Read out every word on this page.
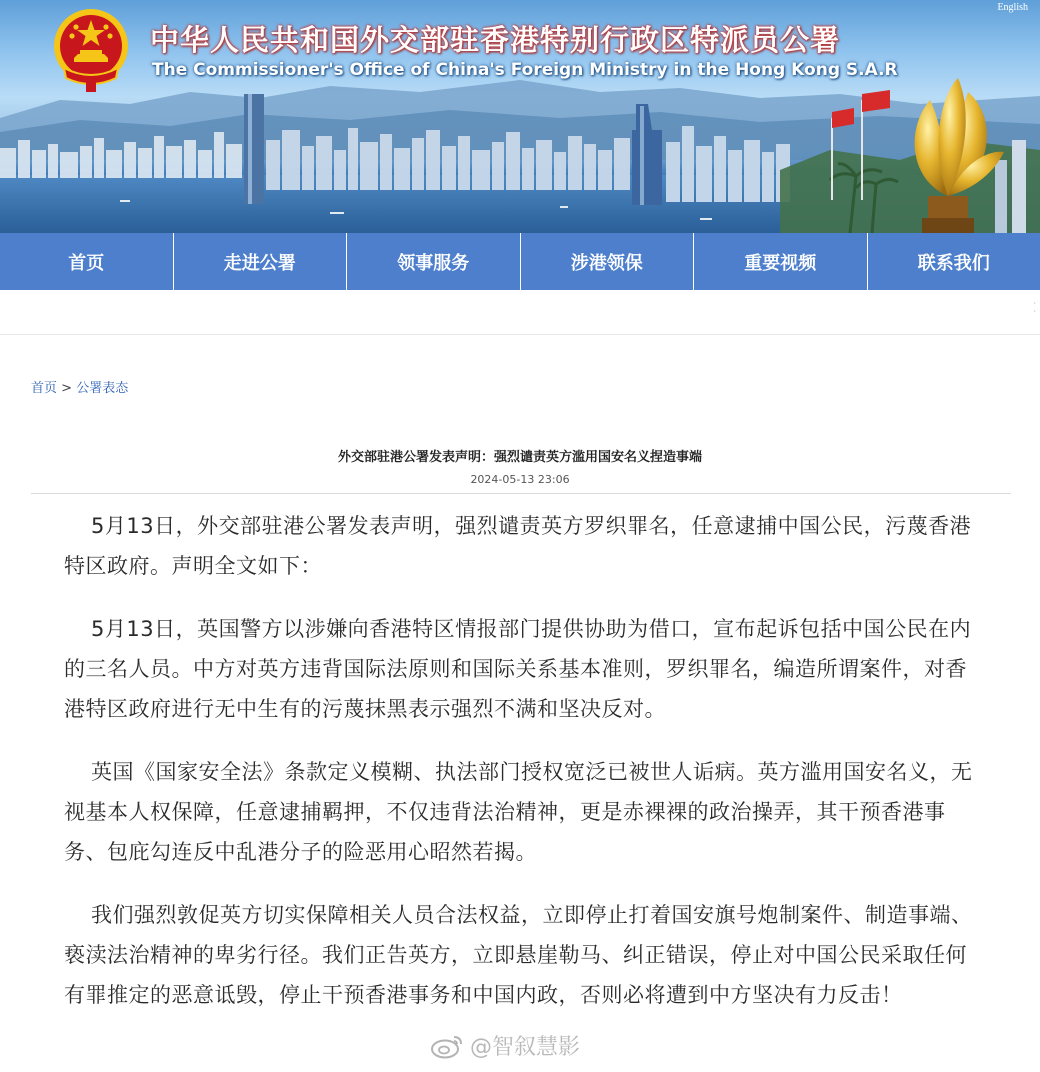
中华人民共和国外交部驻香港特别行政区特派员公署
The Commissioner's Office of China's Foreign Ministry in the Hong Kong S.A.R
English
首页	走进公署	领事服务	涉港领保	重要视频	联系我们
·
·
首页 > 公署表态
外交部驻港公署发表声明：强烈谴责英方滥用国安名义捏造事端
2024-05-13 23:06

5月13日，外交部驻港公署发表声明，强烈谴责英方罗织罪名，任意逮捕中国公民，污蔑香港特区政府。声明全文如下：

5月13日，英国警方以涉嫌向香港特区情报部门提供协助为借口，宣布起诉包括中国公民在内的三名人员。中方对英方违背国际法原则和国际关系基本准则，罗织罪名，编造所谓案件，对香港特区政府进行无中生有的污蔑抹黑表示强烈不满和坚决反对。

英国《国家安全法》条款定义模糊、执法部门授权宽泛已被世人诟病。英方滥用国安名义，无视基本人权保障，任意逮捕羁押，不仅违背法治精神，更是赤裸裸的政治操弄，其干预香港事务、包庇勾连反中乱港分子的险恶用心昭然若揭。

我们强烈敦促英方切实保障相关人员合法权益，立即停止打着国安旗号炮制案件、制造事端、亵渎法治精神的卑劣行径。我们正告英方，立即悬崖勒马、纠正错误，停止对中国公民采取任何有罪推定的恶意诋毁，停止干预香港事务和中国内政，否则必将遭到中方坚决有力反击！

@智叙慧影
